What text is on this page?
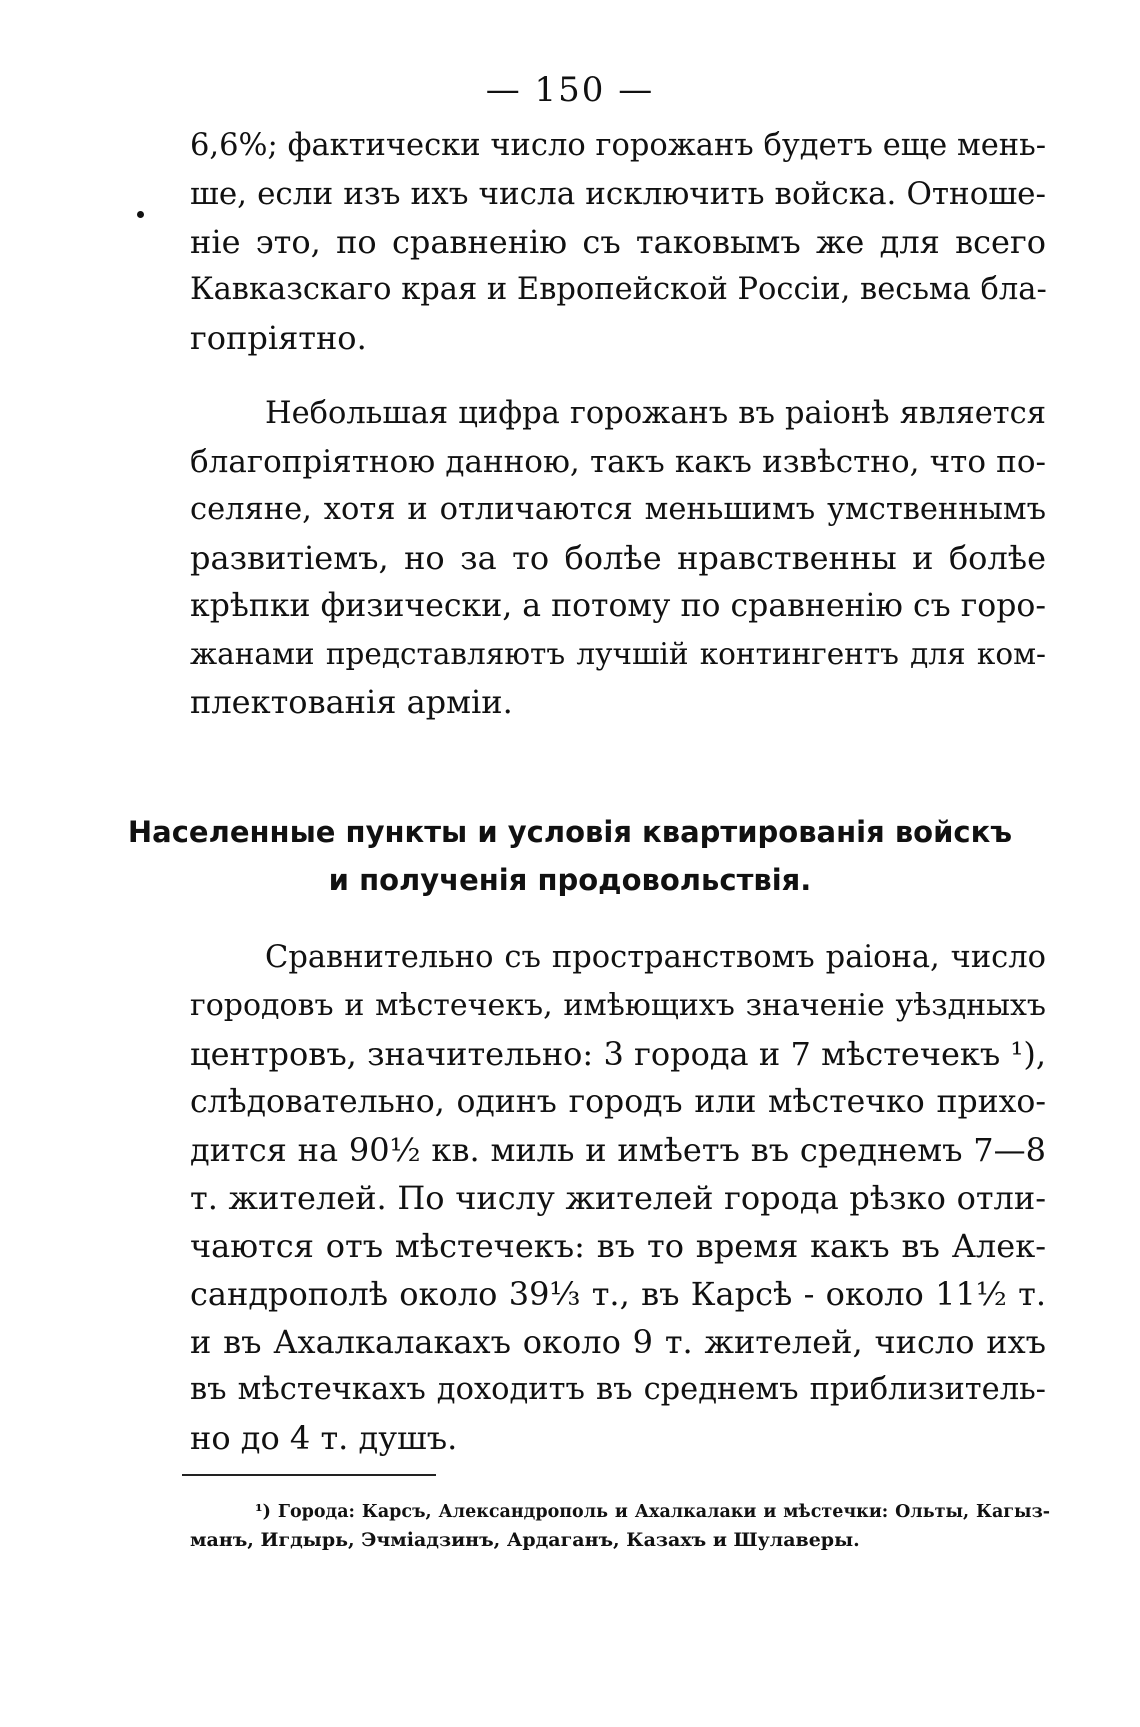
— 150 —
6,6%; фактически число горожанъ будетъ еще мень-
ше, если изъ ихъ числа исключить войска. Отноше-
ніе это, по сравненію съ таковымъ же для всего
Кавказскаго края и Европейской Россіи, весьма бла-
гопріятно.
Небольшая цифра горожанъ въ раіонѣ является
благопріятною данною, такъ какъ извѣстно, что по-
селяне, хотя и отличаются меньшимъ умственнымъ
развитіемъ, но за то болѣе нравственны и болѣе
крѣпки физически, а потому по сравненію съ горо-
жанами представляютъ лучшій контингентъ для ком-
плектованія арміи.
Населенные пункты и условія квартированія войскъ
и полученія продовольствія.
Сравнительно съ пространствомъ раіона, число
городовъ и мѣстечекъ, имѣющихъ значеніе уѣздныхъ
центровъ, значительно: 3 города и 7 мѣстечекъ ¹),
слѣдовательно, одинъ городъ или мѣстечко прихо-
дится на 90½ кв. миль и имѣетъ въ среднемъ 7—8
т. жителей. По числу жителей города рѣзко отли-
чаются отъ мѣстечекъ: въ то время какъ въ Алек-
сандрополѣ около 39⅓ т., въ Карсѣ - около 11½ т.
и въ Ахалкалакахъ около 9 т. жителей, число ихъ
въ мѣстечкахъ доходитъ въ среднемъ приблизитель-
но до 4 т. душъ.
¹) Города: Карсъ, Александрополь и Ахалкалаки и мѣстечки: Ольты, Кагыз-
манъ, Игдырь, Эчміадзинъ, Ардаганъ, Казахъ и Шулаверы.
